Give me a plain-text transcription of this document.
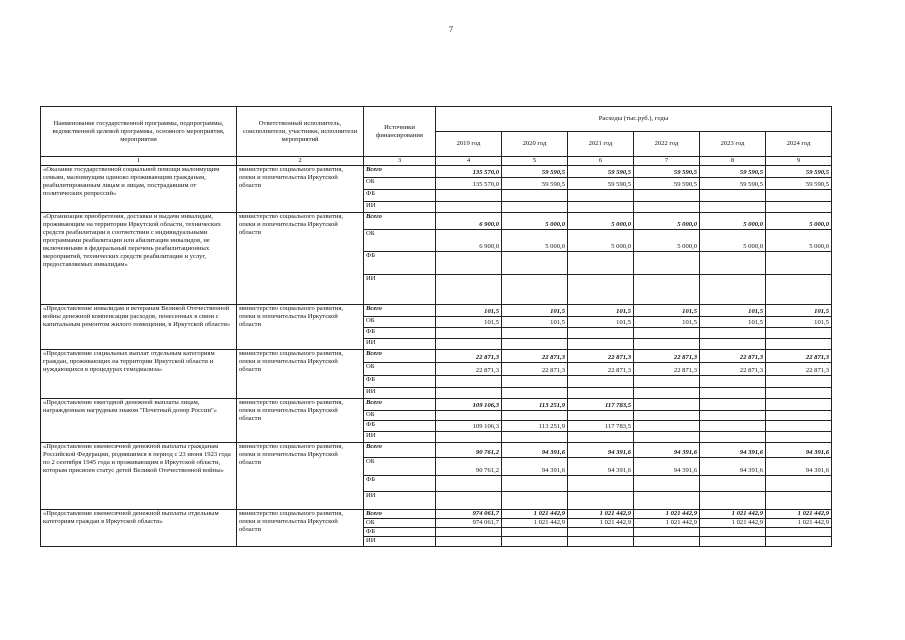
7
Наименование государственной программы, подпрограммы, ведомственной целевой программы, основного мероприятия, мероприятия	Ответственный исполнитель, соисполнители, участники, исполнители мероприятий	Источники финансирования	Расходы (тыс.руб.), годы					
			2019 год	2020 год	2021 год	2022 год	2023 год	2024 год
1	2	3	4	5	6	7	8	9
«Оказание государственной социальной помощи малоимущим семьям, малоимущим одиноко проживающим гражданам, реабилитированным лицам и лицам, пострадавшим от политических репрессий»	министерство социального развития, опеки и попечительства Иркутской области	Всего	135 570,0	59 590,5	59 590,5	59 590,5	59 590,5	59 590,5
		ОБ	135 570,0	59 590,5	59 590,5	59 590,5	59 590,5	59 590,5
		ФБ						
		ИИ						
«Организация приобретения, доставки и выдачи инвалидам, проживающим на территории Иркутской области, технических средств реабилитации в соответствии с индивидуальными программами реабилитации или абилитации инвалидов, не включенными в федеральный перечень реабилитационных мероприятий, технических средств реабилитации и услуг, предоставляемых инвалидам»	министерство социального развития, опеки и попечительства Иркутской области	Всего	6 900,0	5 000,0	5 000,0	5 000,0	5 000,0	5 000,0
		ОБ	6 900,0	5 000,0	5 000,0	5 000,0	5 000,0	5 000,0
		ФБ						
		ИИ						
«Предоставление инвалидам и ветеранам Великой Отечественной войны денежной компенсации расходов, понесенных в связи с капитальным ремонтом жилого помещения, в Иркутской области»	министерство социального развития, опеки и попечительства Иркутской области	Всего	101,5	101,5	101,5	101,5	101,5	101,5
		ОБ	101,5	101,5	101,5	101,5	101,5	101,5
		ФБ						
		ИИ						
«Предоставление социальных выплат отдельным категориям граждан, проживающих на территории Иркутской области и нуждающихся в процедурах гемодиализа»	министерство социального развития, опеки и попечительства Иркутской области	Всего	22 871,3	22 871,3	22 871,3	22 871,3	22 871,3	22 871,3
		ОБ	22 871,3	22 871,3	22 871,3	22 871,3	22 871,3	22 871,3
		ФБ						
		ИИ						
«Предоставление ежегодной денежной выплаты лицам, награжденным нагрудным знаком "Почетный донор России"»	министерство социального развития, опеки и попечительства Иркутской области	Всего	109 106,3	113 251,9	117 783,5			
		ОБ						
		ФБ	109 106,3	113 251,9	117 783,5			
		ИИ						
«Предоставление ежемесячной денежной выплаты гражданам Российской Федерации, родившимся в период с 23 июня 1923 года по 2 сентября 1945 года и проживающим в Иркутской области, которым присвоен статус детей Великой Отечественной войны»	министерство социального развития, опеки и попечительства Иркутской области	Всего	90 761,2	94 391,6	94 391,6	94 391,6	94 391,6	94 391,6
		ОБ	90 761,2	94 391,6	94 391,6	94 391,6	94 391,6	94 391,6
		ФБ						
		ИИ						
«Предоставление ежемесячной денежной выплаты отдельным категориям граждан в Иркутской области»	министерство социального развития, опеки и попечительства Иркутской области	Всего	974 061,7	1 021 442,9	1 021 442,9	1 021 442,9	1 021 442,9	1 021 442,9
		ОБ	974 061,7	1 021 442,9	1 021 442,9	1 021 442,9	1 021 442,9	1 021 442,9
		ФБ						
		ИИ						
